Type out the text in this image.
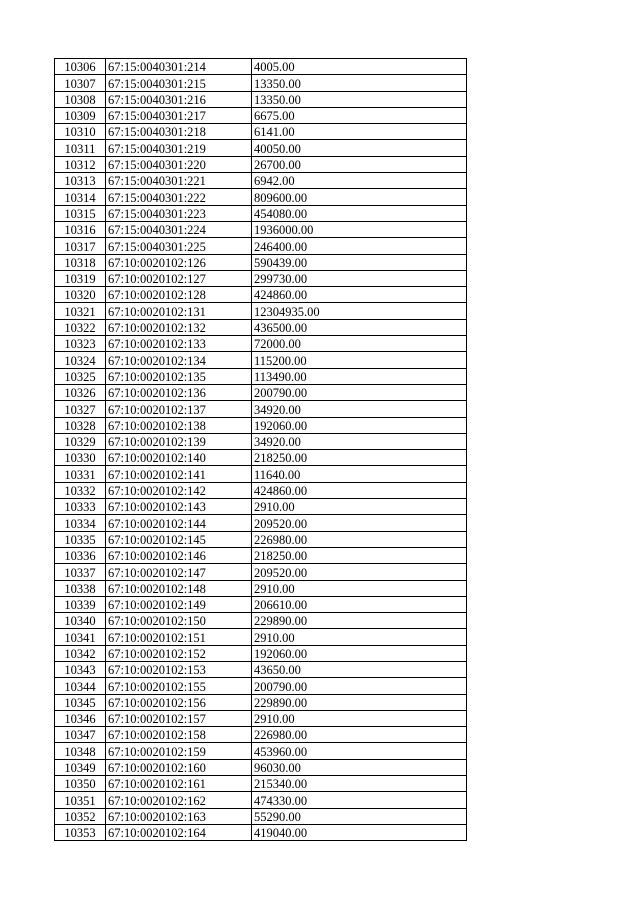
10306	67:15:0040301:214	4005.00
10307	67:15:0040301:215	13350.00
10308	67:15:0040301:216	13350.00
10309	67:15:0040301:217	6675.00
10310	67:15:0040301:218	6141.00
10311	67:15:0040301:219	40050.00
10312	67:15:0040301:220	26700.00
10313	67:15:0040301:221	6942.00
10314	67:15:0040301:222	809600.00
10315	67:15:0040301:223	454080.00
10316	67:15:0040301:224	1936000.00
10317	67:15:0040301:225	246400.00
10318	67:10:0020102:126	590439.00
10319	67:10:0020102:127	299730.00
10320	67:10:0020102:128	424860.00
10321	67:10:0020102:131	12304935.00
10322	67:10:0020102:132	436500.00
10323	67:10:0020102:133	72000.00
10324	67:10:0020102:134	115200.00
10325	67:10:0020102:135	113490.00
10326	67:10:0020102:136	200790.00
10327	67:10:0020102:137	34920.00
10328	67:10:0020102:138	192060.00
10329	67:10:0020102:139	34920.00
10330	67:10:0020102:140	218250.00
10331	67:10:0020102:141	11640.00
10332	67:10:0020102:142	424860.00
10333	67:10:0020102:143	2910.00
10334	67:10:0020102:144	209520.00
10335	67:10:0020102:145	226980.00
10336	67:10:0020102:146	218250.00
10337	67:10:0020102:147	209520.00
10338	67:10:0020102:148	2910.00
10339	67:10:0020102:149	206610.00
10340	67:10:0020102:150	229890.00
10341	67:10:0020102:151	2910.00
10342	67:10:0020102:152	192060.00
10343	67:10:0020102:153	43650.00
10344	67:10:0020102:155	200790.00
10345	67:10:0020102:156	229890.00
10346	67:10:0020102:157	2910.00
10347	67:10:0020102:158	226980.00
10348	67:10:0020102:159	453960.00
10349	67:10:0020102:160	96030.00
10350	67:10:0020102:161	215340.00
10351	67:10:0020102:162	474330.00
10352	67:10:0020102:163	55290.00
10353	67:10:0020102:164	419040.00
